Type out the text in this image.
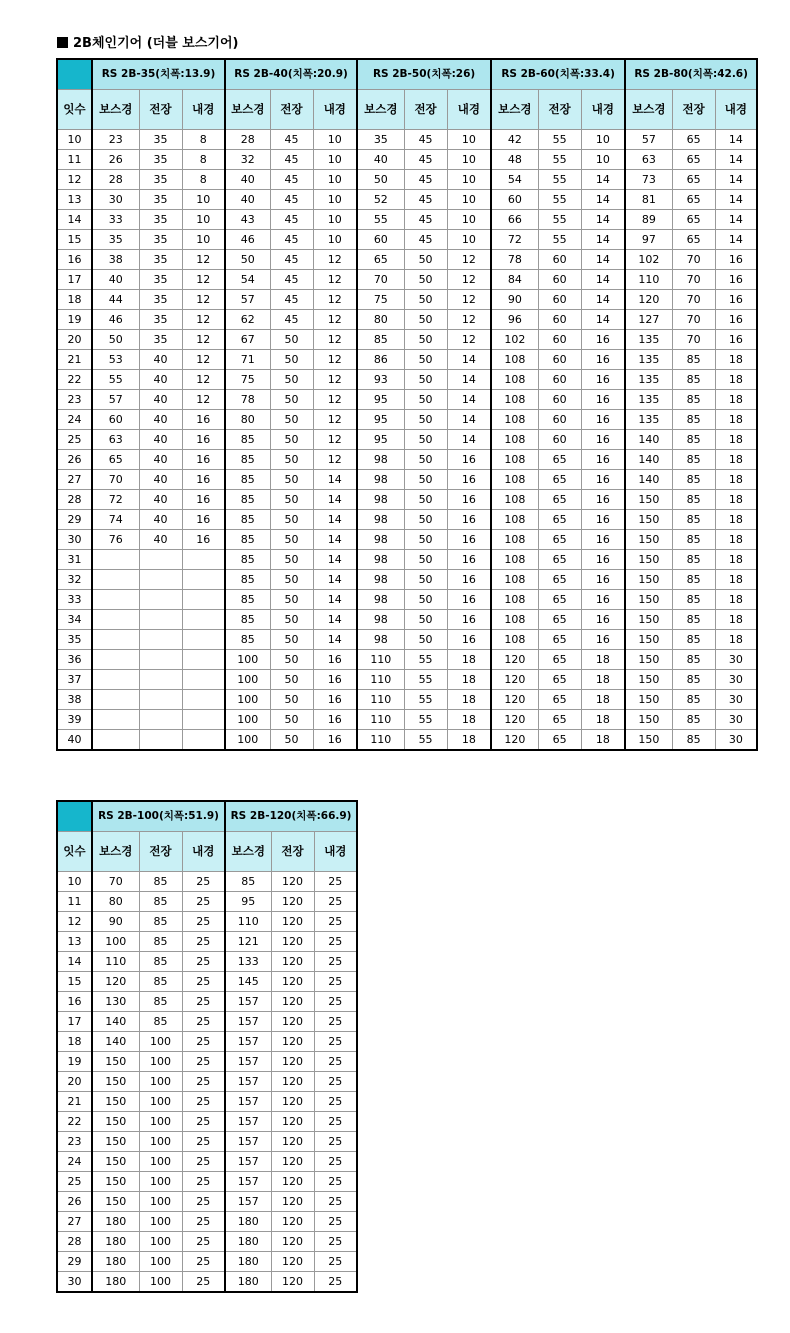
2B체인기어 (더블 보스기어)
	RS 2B-35(치폭:13.9)			RS 2B-40(치폭:20.9)			RS 2B-50(치폭:26)			RS 2B-60(치폭:33.4)			RS 2B-80(치폭:42.6)		
잇수	보스경	전장	내경	보스경	전장	내경	보스경	전장	내경	보스경	전장	내경	보스경	전장	내경
10	23	35	8	28	45	10	35	45	10	42	55	10	57	65	14
11	26	35	8	32	45	10	40	45	10	48	55	10	63	65	14
12	28	35	8	40	45	10	50	45	10	54	55	14	73	65	14
13	30	35	10	40	45	10	52	45	10	60	55	14	81	65	14
14	33	35	10	43	45	10	55	45	10	66	55	14	89	65	14
15	35	35	10	46	45	10	60	45	10	72	55	14	97	65	14
16	38	35	12	50	45	12	65	50	12	78	60	14	102	70	16
17	40	35	12	54	45	12	70	50	12	84	60	14	110	70	16
18	44	35	12	57	45	12	75	50	12	90	60	14	120	70	16
19	46	35	12	62	45	12	80	50	12	96	60	14	127	70	16
20	50	35	12	67	50	12	85	50	12	102	60	16	135	70	16
21	53	40	12	71	50	12	86	50	14	108	60	16	135	85	18
22	55	40	12	75	50	12	93	50	14	108	60	16	135	85	18
23	57	40	12	78	50	12	95	50	14	108	60	16	135	85	18
24	60	40	16	80	50	12	95	50	14	108	60	16	135	85	18
25	63	40	16	85	50	12	95	50	14	108	60	16	140	85	18
26	65	40	16	85	50	12	98	50	16	108	65	16	140	85	18
27	70	40	16	85	50	14	98	50	16	108	65	16	140	85	18
28	72	40	16	85	50	14	98	50	16	108	65	16	150	85	18
29	74	40	16	85	50	14	98	50	16	108	65	16	150	85	18
30	76	40	16	85	50	14	98	50	16	108	65	16	150	85	18
31				85	50	14	98	50	16	108	65	16	150	85	18
32				85	50	14	98	50	16	108	65	16	150	85	18
33				85	50	14	98	50	16	108	65	16	150	85	18
34				85	50	14	98	50	16	108	65	16	150	85	18
35				85	50	14	98	50	16	108	65	16	150	85	18
36				100	50	16	110	55	18	120	65	18	150	85	30
37				100	50	16	110	55	18	120	65	18	150	85	30
38				100	50	16	110	55	18	120	65	18	150	85	30
39				100	50	16	110	55	18	120	65	18	150	85	30
40				100	50	16	110	55	18	120	65	18	150	85	30
	RS 2B-100(치폭:51.9)			RS 2B-120(치폭:66.9)		
잇수	보스경	전장	내경	보스경	전장	내경
10	70	85	25	85	120	25
11	80	85	25	95	120	25
12	90	85	25	110	120	25
13	100	85	25	121	120	25
14	110	85	25	133	120	25
15	120	85	25	145	120	25
16	130	85	25	157	120	25
17	140	85	25	157	120	25
18	140	100	25	157	120	25
19	150	100	25	157	120	25
20	150	100	25	157	120	25
21	150	100	25	157	120	25
22	150	100	25	157	120	25
23	150	100	25	157	120	25
24	150	100	25	157	120	25
25	150	100	25	157	120	25
26	150	100	25	157	120	25
27	180	100	25	180	120	25
28	180	100	25	180	120	25
29	180	100	25	180	120	25
30	180	100	25	180	120	25
